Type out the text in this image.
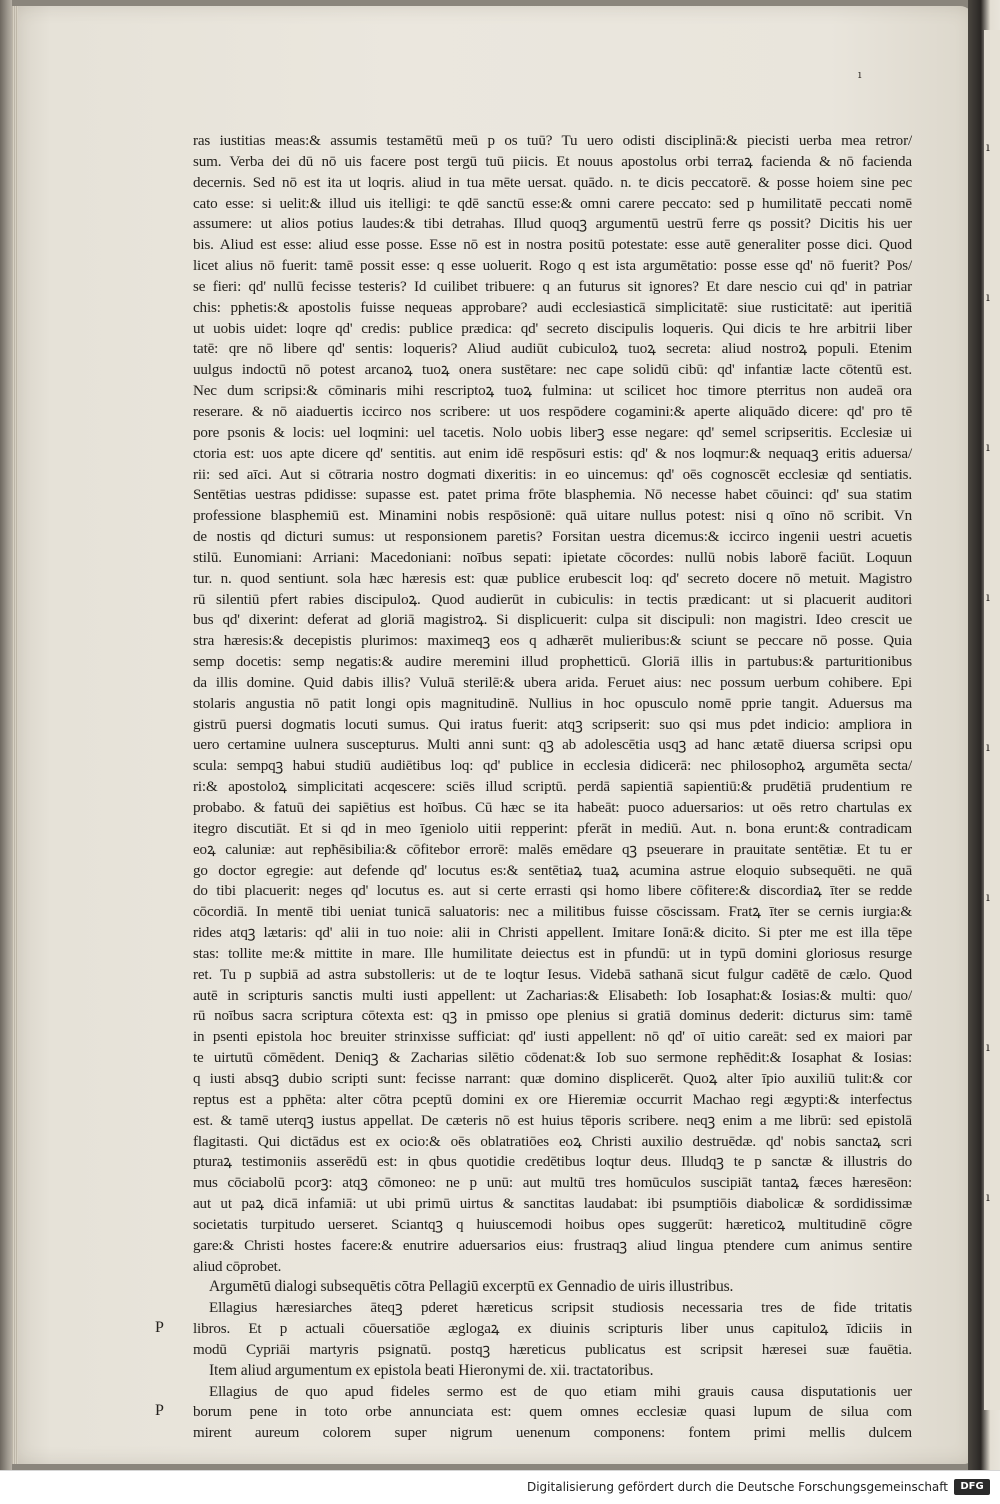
ı
ras iustitias meas:& assumis testamētū meū p os tuū? Tu uero odisti disciplinā:& pieci​sti uerba mea retror/
sum. Verba dei dū nō uis facere post tergū tuū piicis. Et nouus apostolus orbi terraꝝ facienda & nō facienda
decernis. Sed nō est ita ut loqris. aliud in tua mēte uersat. quādo. n. te dicis peccatorē. & posse hoiem sine pec
cato esse: si uelit:& illud uis itelligi: te qdē sanctū esse:& omni carere peccato: sed p humilitatē peccati nomē
assumere: ut alios potius laudes:& tibi detrahas. Illud quoqꝫ argumentū uestrū ferre qs possit? Dicitis his uer
bis. Aliud est esse: aliud esse posse. Esse nō est in nostra positū potestate: esse autē generaliter posse dici. Quod
licet alius nō fuerit: tamē possit esse: q esse uoluerit. Rogo q est ista argumētatio: posse esse qd' nō fuerit? Pos/
se fieri: qd' nullū fecisse testeris? Id cuilibet tribuere: q an futurus sit ignores? Et dare nescio cui qd' in patriar
chis: pphetis:& apostolis fuisse nequeas approbare? audi ecclesiasticā simplicitatē: siue rusticitatē: aut iperitiā
ut uobis uidet: loqre qd' credis: publice prædica: qd' secreto discipulis loqueris. Qui dicis te hre arbitrii liber
tatē: qre nō libere qd' sentis: loqueris? Aliud audiūt cubiculoꝝ tuoꝝ secreta: aliud nostroꝝ populi. Etenim
uulgus indoctū nō potest arcanoꝝ tuoꝝ onera sustētare: nec cape solidū cibū: qd' infantiæ lacte cōtentū est.
Nec dum scripsi:& cōminaris mihi rescriptoꝝ tuoꝝ fulmina: ut scilicet hoc timore pterritus non audeā ora
reserare. & nō aiaduertis iccirco nos scribere: ut uos respōdere cogamini:& aperte aliquādo dicere: qd' pro tē
pore psonis & locis: uel loqmini: uel tacetis. Nolo uobis liberꝫ esse negare: qd' semel scripseritis. Ecclesiæ ui
ctoria est: uos apte dicere qd' sentitis. aut enim idē respōsuri estis: qd' & nos loqmur:& nequaqꝫ eritis aduersa/
rii: sed aīci. Aut si cōtraria nostro dogmati dixeritis: in eo uincemus: qd' oēs cognoscēt ecclesiæ qd sentiatis.
Sentētias uestras pdidisse: supasse est. patet prima frōte blasphemia. Nō necesse habet cōuinci: qd' sua statim
professione blasphemiū est. Minamini nobis respōsionē: quā uitare nullus potest: nisi q oīno nō scribit. Vn
de nostis qd dicturi sumus: ut responsionem paretis? Forsitan uestra dicemus:& iccirco ingenii uestri acuetis
stilū. Eunomiani: Arriani: Macedoniani: noībus sepati: ipietate cōcordes: nullū nobis laborē faciūt. Loquun
tur. n. quod sentiunt. sola hæc hæresis est: quæ publice erubescit loq: qd' secreto docere nō metuit. Magistro
rū silentiū pfert rabies discipuloꝝ. Quod audierūt in cubiculis: in tectis prædicant: ut si placuerit auditori
bus qd' dixerint: deferat ad gloriā magistroꝝ. Si displicuerit: culpa sit discipuli: non magistri. Ideo crescit ue
stra hæresis:& decepistis plurimos: maximeqꝫ eos q adhærēt mulieribus:& sciunt se peccare nō posse. Quia
semp docetis: semp negatis:& audire meremini illud prophetticū. Gloriā illis in partubus:& parturitionibus
da illis domine. Quid dabis illis? Vuluā sterilē:& ubera arida. Feruet aius: nec possum uerbum cohibere. Epi
stolaris angustia nō patit longi opis magnitudinē. Nullius in hoc opusculo nomē pprie tangit. Aduersus ma
gistrū puersi dogmatis locuti sumus. Qui iratus fuerit: atqꝫ scripserit: suo qsi mus pdet indicio: ampliora in
uero certamine uulnera suscepturus. Multi anni sunt: qꝫ ab adolescētia usqꝫ ad hanc ætatē diuersa scripsi opu
scula: sempqꝫ habui studiū audiētibus loq: qd' publice in ecclesia didicerā: nec philosophoꝝ argumēta secta/
ri:& apostoloꝝ simplicitati acqescere: sciēs illud scriptū. perdā sapientiā sapientiū:& prudētiā prudentium re
probabo. & fatuū dei sapiētius est hoībus. Cū hæc se ita habeāt: puoco aduersarios: ut oēs retro chartulas ex
itegro discutiāt. Et si qd in meo īgeniolo uitii repperint: pferāt in mediū. Aut. n. bona erunt:& contradicam
eoꝝ caluniæ: aut repħēsibilia:& cōfitebor errorē: malēs emēdare qꝫ pseuerare in prauitate sentētiæ. Et tu er
go doctor egregie: aut defende qd' locutus es:& sentētiaꝝ tuaꝝ acumina astrue eloquio subsequēti. ne quā
do tibi placuerit: neges qd' locutus es. aut si certe errasti qsi homo libere cōfitere:& discordiaꝝ īter se redde
cōcordiā. In mentē tibi ueniat tunicā saluatoris: nec a militibus fuisse cōscissam. Fratꝝ īter se cernis iurgia:&
rides atqꝫ lætaris: qd' alii in tuo noie: alii in Christi appellent. Imitare Ionā:& dicito. Si pter me est illa tēpe
stas: tollite me:& mittite in mare. Ille humilitate deiectus est in pfundū: ut in typū domini gloriosus resurge
ret. Tu p supbiā ad astra substolleris: ut de te loqtur Iesus. Videbā sathanā sicut fulgur cadētē de cælo. Quod
autē in scripturis sanctis multi iusti appellent: ut Zacharias:& Elisabeth: Iob Iosaphat:& Iosias:& multi: quo/
rū noībus sacra scriptura cōtexta est: qꝫ in pmisso ope plenius si gratiā dominus dederit: dicturus sim: tamē
in psenti epistola hoc breuiter strinxisse sufficiat: qd' iusti appellent: nō qd' oī uitio careāt: sed ex maiori par
te uirtutū cōmēdent. Deniqꝫ & Zacharias silētio cōdenat:& Iob suo sermone repħēdit:& Iosaphat & Iosias:
q iusti absqꝫ dubio scripti sunt: fecisse narrant: quæ domino displicerēt. Quoꝝ alter īpio auxiliū tulit:& cor
reptus est a pphēta: alter cōtra pceptū domini ex ore Hieremiæ occurrit Machao regi ægypti:& interfectus
est. & tamē uterqꝫ iustus appellat. De cæteris nō est huius tēporis scribere. neqꝫ enim a me librū: sed epistolā
flagitasti. Qui dictādus est ex ocio:& oēs oblatratiōes eoꝝ Christi auxilio destruēdæ. qd' nobis sanctaꝝ scri
pturaꝝ testimoniis asserēdū est: in qbus quotidie credētibus loqtur deus. Illudqꝫ te p sanctæ & illustris do
mus cōciabolū pcorꝫ: atqꝫ cōmoneo: ne p unū: aut multū tres homūculos suscipiāt tantaꝝ fæces hæresēon:
aut ut paꝝ dicā infamiā: ut ubi primū uirtus & sanctitas laudabat: ibi psumptiōis diabolicæ & sordidissimæ
societatis turpitudo uerseret. Sciantqꝫ q huiuscemodi hoibus opes suggerūt: hæreticoꝝ multitudinē cōgre
gare:& Christi hostes facere:& enutrire aduersarios eius: frustraqꝫ aliud lingua ptendere cum animus sentire
aliud cōprobet.
Argumētū dialogi subsequētis cōtra Pellagiū excerptū ex Gennadio de uiris illustribus.
P
Ellagius hæresiarches āteqꝫ pderet hæreticus scripsit studiosis necessaria tres de fide tritatis
libros. Et p actuali cōuersatiōe æglogaꝝ ex diuinis scripturis liber unus capituloꝝ īdiciis in
modū Cypriāi martyris psignatū. postqꝫ hæreticus publicatus est scripsit hæresei suæ fauētia.
Item aliud argumentum ex epistola beati Hieronymi de. xii. tractatoribus.
P
Ellagius de quo apud fideles sermo est de quo etiam mihi grauis causa disputationis uer
borum pene in toto orbe annunciata est: quem omnes ecclesiæ quasi lupum de silua com
mirent aureum colorem super nigrum uenenum componens: fontem primi mellis dulcem
Digitalisierung gefördert durch die Deutsche Forschungsgemeinschaft	DFG
ı
ı
ı
ı
ı
ı
ı
ı
